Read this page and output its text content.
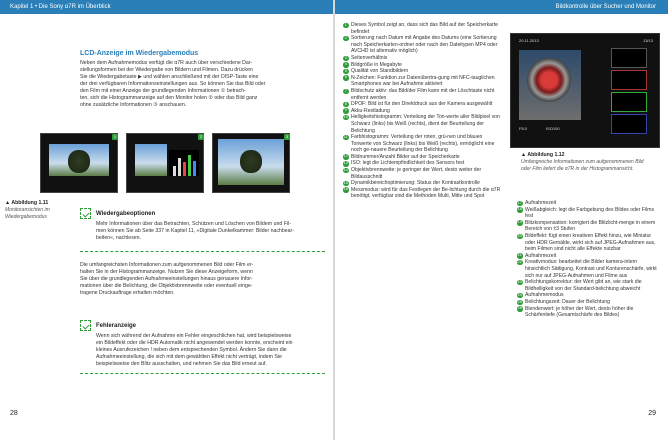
Kapitel 1 • Die Sony α7R im Überblick
LCD-Anzeige im Wiedergabemodus
Neben dem Aufnahmemodus verfügt die α7R auch über verschiedene Dar-
stellungsformen bei der Wiedergabe von Bildern und Filmen. Dazu drücken
Sie die Wiedergabetaste ▶ und wählen anschließend mit der DISP-Taste eine
der drei verfügbaren Informationseinstellungen aus. So können Sie das Bild oder
den Film mit einer Anzeige der grundlegenden Informationen ① betrach-
ten, sich die Histogrammanzeige auf den Monitor holen ② oder das Bild ganz
ohne zusätzliche Informationen ③ anschauen.
1	2	3
▲ Abbildung 1.11
Monitoransichten im
Wiedergabemodus	Wiedergabeoptionen
Mehr Informationen über das Betrachten, Schützen und Löschen von Bildern und Fil-
men können Sie ab Seite 337 in Kapitel 11, »Digitale Dunkelkammer: Bilder nachbear-
beiten«, nachlesen.
Die umfangreichsten Informationen zum aufgenommenen Bild oder Film er-
halten Sie in der Histogrammanzeige. Nutzen Sie diese Anzeigeform, wenn
Sie über die grundlegenden Aufnahmeeinstellungen hinaus genauere Infor-
mationen über die Belichtung, die Objektivbrennweite oder eventuell einge-
tragene Druckauftrage erhalten möchten.
Fehleranzeige
Wenn sich während der Aufnahme ein Fehler eingeschlichen hat, wird beispielsweise
ein Bildeffekt oder die HDR Automatik nicht angewendet werden konnte, erscheint ein
kleines Ausrufezeichen ! neben dem entsprechenden Symbol. Ändern Sie dann die
Aufnahmeeinstellung, die sich mit dem gewählten Effekt nicht verträgt, indem Sie
beispielsweise den Blitz ausschalten, und nehmen Sie das Bild erneut auf.
28
Bildkontrolle über Sucher und Monitor
1 Dieses Symbol zeigt an, dass sich das Bild auf der Speicherkarte befindet
2 Sortierung nach Datum mit Angabe des Datums (eine Sortierung nach Speicherkarten-ordner oder nach den Dateitypen MP4 oder AVCHD ist alternativ möglich)
3 Seitenverhältnis
4 Bildgröße in Megabyte
5 Qualität von Standbildern
6 N-Zeichen: Funktion zur Datenübertra-gung mit NFC-tauglichen Smartphones war bei Aufnahme aktiviert
7 Bildschutz aktiv: das Bild/der Film kann mit der Löschtaste nicht entfernt werden
8 DPOF: Bild ist für den Direktdruck aus der Kamera ausgewählt
9 Akku-Restladung
10 Helligkeitshistogramm: Verteilung der Ton-werte aller Bildpixel von Schwarz (links) bis Weiß (rechts), dient der Beurteilung der Belichtung
11 Farbhistogramm: Verteilung der roten, grü-nen und blauen Tonwerte von Schwarz (links) bis Weiß (rechts), ermöglicht eine noch ge-nauere Beurteilung der Belichtung
12 Bildnummer/Anzahl Bilder auf der Speicherkarte
13 ISO: legt die Lichtempfindlichkeit des Sensors fest
14 Objektivbrennweite: je geringer der Wert, desto weiter der Bildausschnitt
15 Dynamikbereichoptimierung: Status der Kontrastkontrolle
16 Messmodus: wird für das Festlegen der Be-lichtung durch die α7R benötigt, verfügbar sind die Methoden Multi, Mitte und Spot
20.11.2013	13/13
F8.0	ISO100
▲ Abbildung 1.12
Umfangreiche Informationen zum aufgenommenen Bild
oder Film liefert die α7R in der Histogrammansicht.
17 Aufnahmezeit
18 Weißabgleich: legt die Farbgebung des Bildes oder Films fest
19 Blitzkompensation: korrigiert die Blitzlicht-menge in einem Bereich von ±3 Stufen
20 Bildeffekt: fügt einen kreativen Effekt hinzu, wie Miniatur oder HDR Gemälde, wirkt sich auf JPEG-Aufnahmen aus, beim Filmen sind nicht alle Effekte nutzbar
21 Aufnahmezeit
22 Kreativmodus: bearbeitet die Bilder kamera-intern hinsichtlich Sättigung, Kontrast und Konturenschärfe, wirkt sich nur auf JPEG-Aufnahmen und Filme aus
23 Belichtungskorrektur: der Wert gibt an, wie stark die Bildhelligkeit von der Standard-belichtung abweicht
24 Aufnahmemodus
25 Belichtungszeit: Dauer der Belichtung
26 Blendenwert: je höher der Wert, desto höher die Schärfentiefe (Gesamtschärfe des Bildes)
29
